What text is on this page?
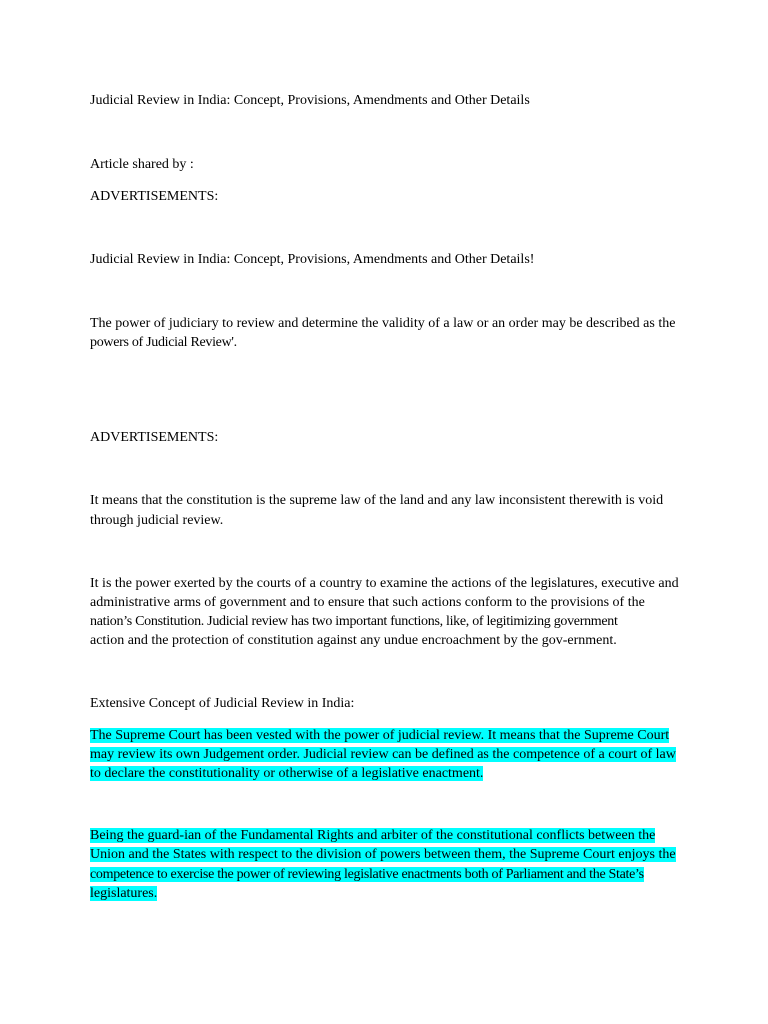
Judicial Review in India: Concept, Provisions, Amendments and Other Details
Article shared by :
ADVERTISEMENTS:
Judicial Review in India: Concept, Provisions, Amendments and Other Details!
The power of judiciary to review and determine the validity of a law or an order may be described as the
powers of Judicial Review'.
ADVERTISEMENTS:
It means that the constitution is the supreme law of the land and any law inconsistent therewith is void
through judicial review.
It is the power exerted by the courts of a country to examine the actions of the legislatures, executive and
administrative arms of government and to ensure that such actions conform to the provisions of the
nation’s Constitution. Judicial review has two important functions, like, of legitimizing government
action and the protection of constitution against any undue encroachment by the gov-ernment.
Extensive Concept of Judicial Review in India:
The Supreme Court has been vested with the power of judicial review. It means that the Supreme Court
may review its own Judgement order. Judicial review can be defined as the competence of a court of law
to declare the constitutionality or otherwise of a legislative enactment.
Being the guard-ian of the Fundamental Rights and arbiter of the constitutional conflicts between the
Union and the States with respect to the division of powers between them, the Supreme Court enjoys the
competence to exercise the power of reviewing legislative enactments both of Parliament and the State’s
legislatures.
